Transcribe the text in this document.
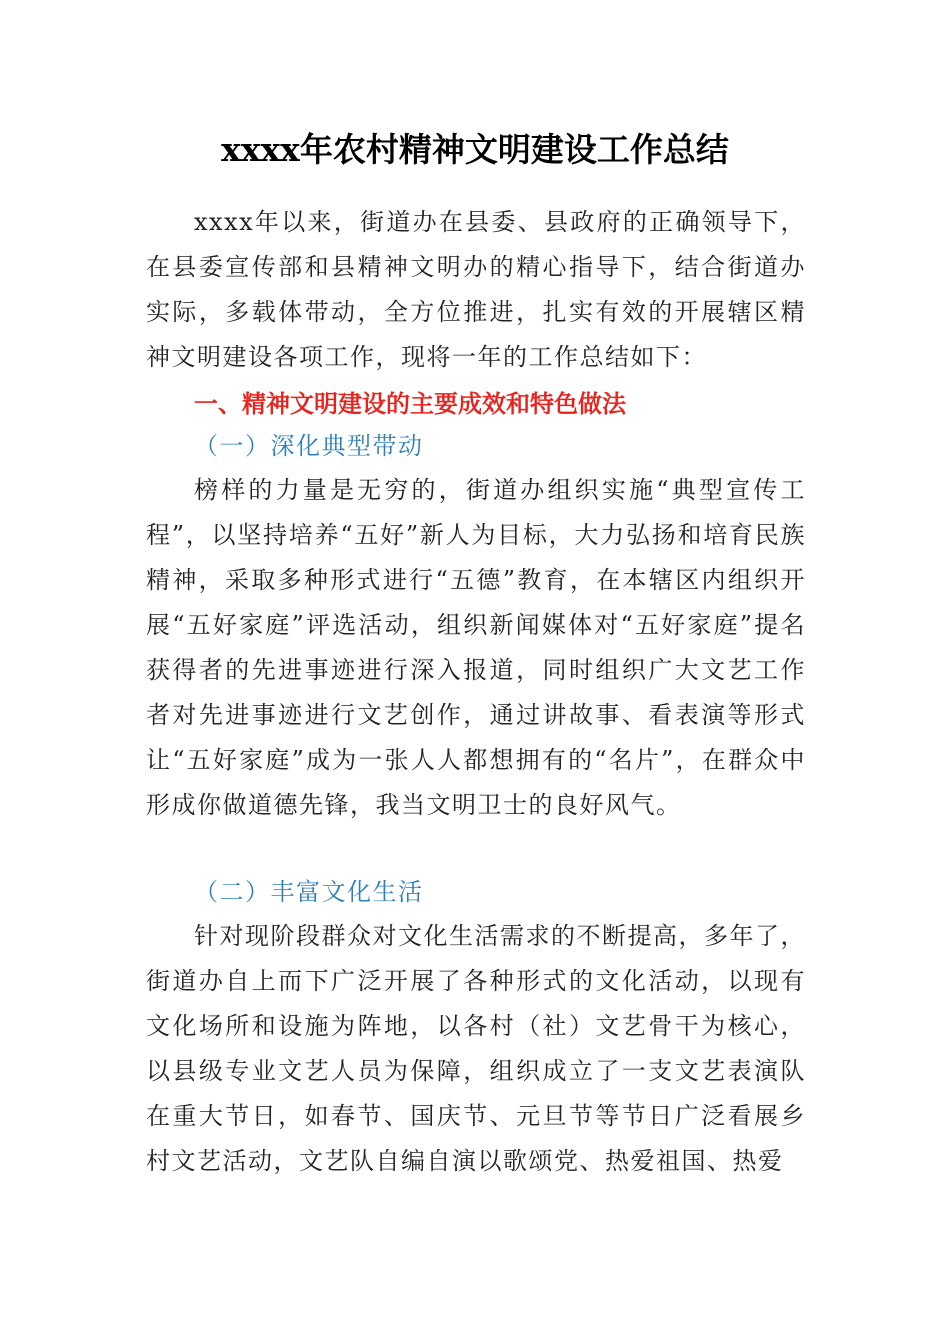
xxxx年农村精神文明建设工作总结

xxxx年以来，街道办在县委、县政府的正确领导下，在县委宣传部和县精神文明办的精心指导下，结合街道办实际，多载体带动，全方位推进，扎实有效的开展辖区精神文明建设各项工作，现将一年的工作总结如下：

一、精神文明建设的主要成效和特色做法
（一）深化典型带动

榜样的力量是无穷的，街道办组织实施“典型宣传工程”，以坚持培养“五好”新人为目标，大力弘扬和培育民族精神，采取多种形式进行“五德”教育，在本辖区内组织开展“五好家庭”评选活动，组织新闻媒体对“五好家庭”提名获得者的先进事迹进行深入报道，同时组织广大文艺工作者对先进事迹进行文艺创作，通过讲故事、看表演等形式让“五好家庭”成为一张人人都想拥有的“名片”，在群众中形成你做道德先锋，我当文明卫士的良好风气。

（二）丰富文化生活

针对现阶段群众对文化生活需求的不断提高，多年了，街道办自上而下广泛开展了各种形式的文化活动，以现有文化场所和设施为阵地，以各村（社）文艺骨干为核心，以县级专业文艺人员为保障，组织成立了一支文艺表演队在重大节日，如春节、国庆节、元旦节等节日广泛看展乡村文艺活动，文艺队自编自演以歌颂党、热爱祖国、热爱
